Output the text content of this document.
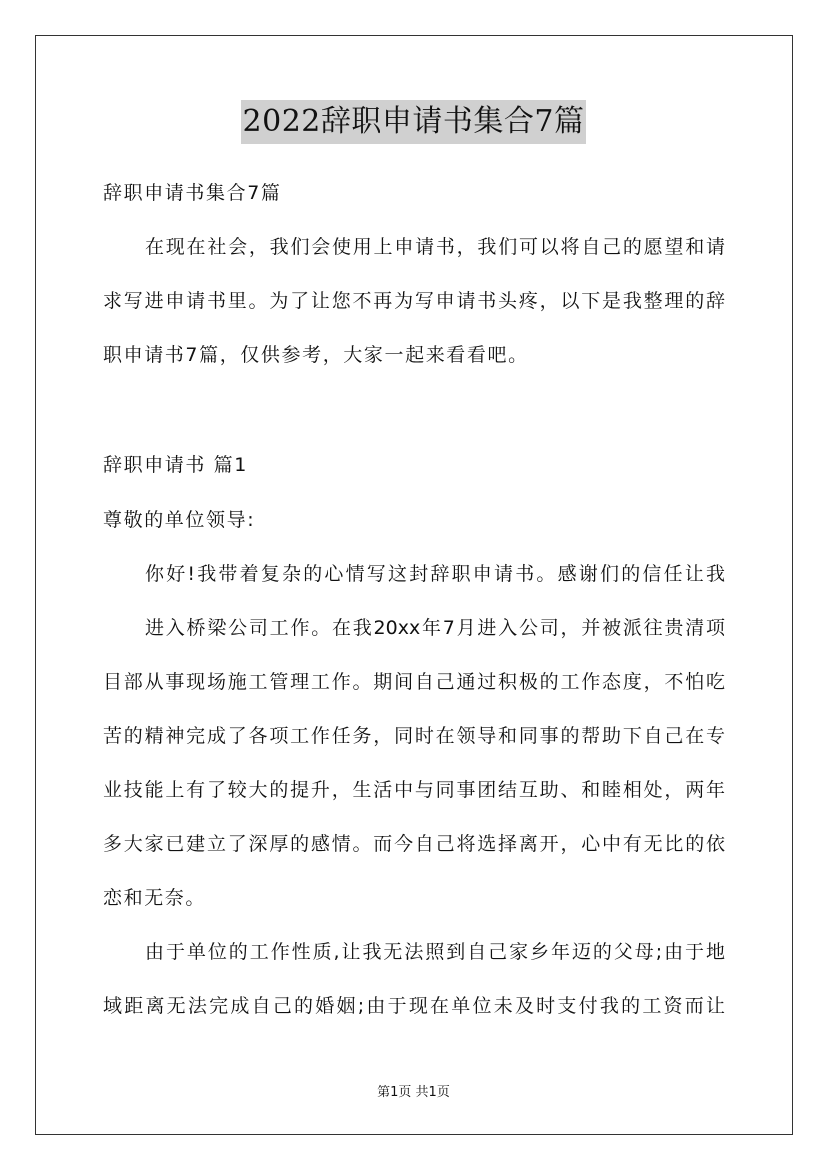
2022辞职申请书集合7篇
辞职申请书集合7篇
在现在社会，我们会使用上申请书，我们可以将自己的愿望和请
求写进申请书里。为了让您不再为写申请书头疼，以下是我整理的辞
职申请书7篇，仅供参考，大家一起来看看吧。
辞职申请书 篇1
尊敬的单位领导:
你好!我带着复杂的心情写这封辞职申请书。感谢们的信任让我
进入桥梁公司工作。在我20xx年7月进入公司，并被派往贵清项
目部从事现场施工管理工作。期间自己通过积极的工作态度，不怕吃
苦的精神完成了各项工作任务，同时在领导和同事的帮助下自己在专
业技能上有了较大的提升，生活中与同事团结互助、和睦相处，两年
多大家已建立了深厚的感情。而今自己将选择离开，心中有无比的依
恋和无奈。
由于单位的工作性质,让我无法照到自己家乡年迈的父母;由于地
域距离无法完成自己的婚姻;由于现在单位未及时支付我的工资而让
第1页 共1页
